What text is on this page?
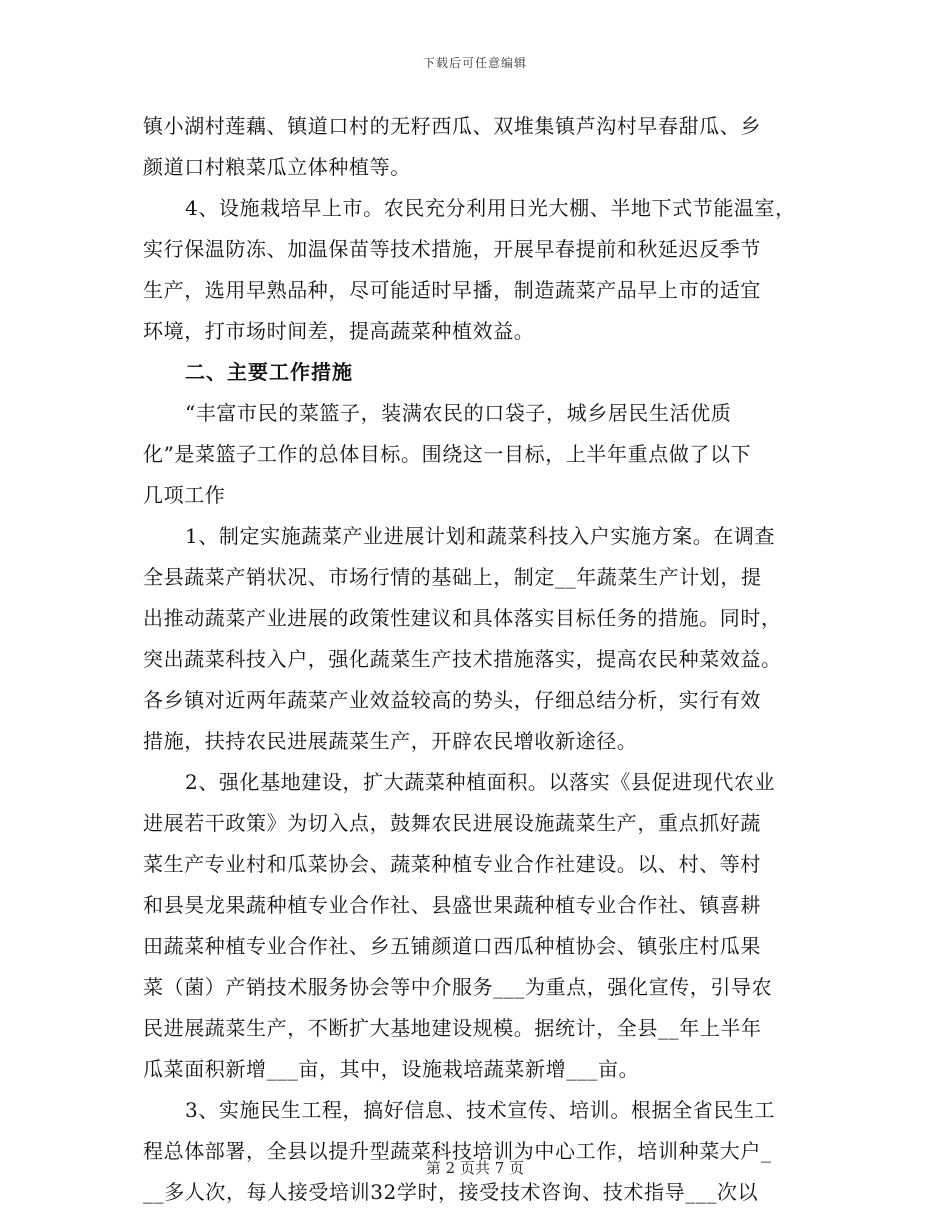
下载后可任意编辑
镇小湖村莲藕、镇道口村的无籽西瓜、双堆集镇芦沟村早春甜瓜、乡
颜道口村粮菜瓜立体种植等。
4、设施栽培早上市。农民充分利用日光大棚、半地下式节能温室，
实行保温防冻、加温保苗等技术措施，开展早春提前和秋延迟反季节
生产，选用早熟品种，尽可能适时早播，制造蔬菜产品早上市的适宜
环境，打市场时间差，提高蔬菜种植效益。
二、主要工作措施
“丰富市民的菜篮子，装满农民的口袋子，城乡居民生活优质
化”是菜篮子工作的总体目标。围绕这一目标，上半年重点做了以下
几项工作
1、制定实施蔬菜产业进展计划和蔬菜科技入户实施方案。在调查
全县蔬菜产销状况、市场行情的基础上，制定__年蔬菜生产计划，提
出推动蔬菜产业进展的政策性建议和具体落实目标任务的措施。同时，
突出蔬菜科技入户，强化蔬菜生产技术措施落实，提高农民种菜效益。
各乡镇对近两年蔬菜产业效益较高的势头，仔细总结分析，实行有效
措施，扶持农民进展蔬菜生产，开辟农民增收新途径。
2、强化基地建设，扩大蔬菜种植面积。以落实《县促进现代农业
进展若干政策》为切入点，鼓舞农民进展设施蔬菜生产，重点抓好蔬
菜生产专业村和瓜菜协会、蔬菜种植专业合作社建设。以、村、等村
和县昊龙果蔬种植专业合作社、县盛世果蔬种植专业合作社、镇喜耕
田蔬菜种植专业合作社、乡五铺颜道口西瓜种植协会、镇张庄村瓜果
菜（菌）产销技术服务协会等中介服务___为重点，强化宣传，引导农
民进展蔬菜生产，不断扩大基地建设规模。据统计，全县__年上半年
瓜菜面积新增___亩，其中，设施栽培蔬菜新增___亩。
3、实施民生工程，搞好信息、技术宣传、培训。根据全省民生工
程总体部署，全县以提升型蔬菜科技培训为中心工作，培训种菜大户_
__多人次，每人接受培训32学时，接受技术咨询、技术指导___次以
第 2 页共 7 页
